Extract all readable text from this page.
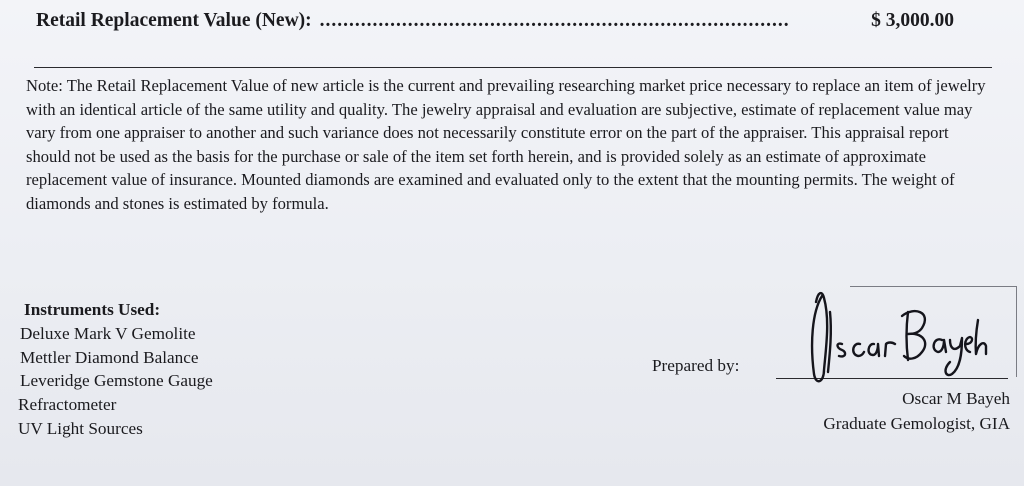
Retail Replacement Value (New): ................................................................................	$ 3,000.00

Note: The Retail Replacement Value of new article is the current and prevailing researching market price necessary to replace an item of jewelry with an identical article of the same utility and quality. The jewelry appraisal and evaluation are subjective, estimate of replacement value may vary from one appraiser to another and such variance does not necessarily constitute error on the part of the appraiser. This appraisal report should not be used as the basis for the purchase or sale of the item set forth herein, and is provided solely as an estimate of approximate replacement value of insurance. Mounted diamonds are examined and evaluated only to the extent that the mounting permits. The weight of diamonds and stones is estimated by formula.

Instruments Used:
Deluxe Mark V Gemolite
Mettler Diamond Balance
Leveridge Gemstone Gauge
Refractometer
UV Light Sources
Prepared by:
Oscar M Bayeh
Graduate Gemologist, GIA
